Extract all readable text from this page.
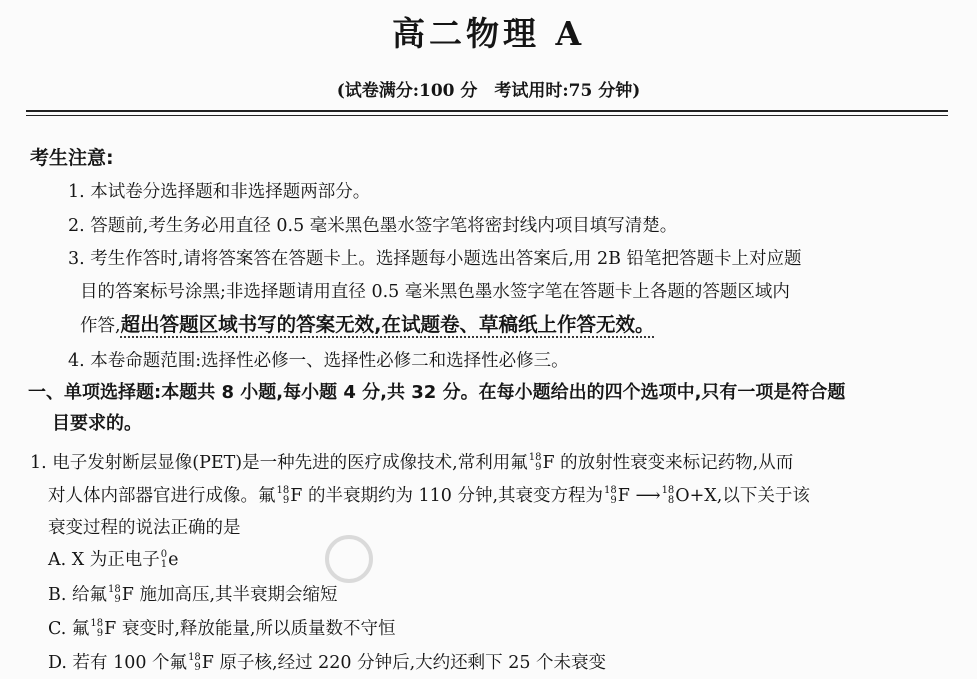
高二物理 A
(试卷满分:100 分　考试用时:75 分钟)
考生注意:
1. 本试卷分选择题和非选择题两部分。
2. 答题前,考生务必用直径 0.5 毫米黑色墨水签字笔将密封线内项目填写清楚。
3. 考生作答时,请将答案答在答题卡上。选择题每小题选出答案后,用 2B 铅笔把答题卡上对应题
目的答案标号涂黑;非选择题请用直径 0.5 毫米黑色墨水签字笔在答题卡上各题的答题区域内
作答,超出答题区域书写的答案无效,在试题卷、草稿纸上作答无效。
4. 本卷命题范围:选择性必修一、选择性必修二和选择性必修三。
一、单项选择题:本题共 8 小题,每小题 4 分,共 32 分。在每小题给出的四个选项中,只有一项是符合题
目要求的。
1. 电子发射断层显像(PET)是一种先进的医疗成像技术,常利用氟 18
9 F 的放射性衰变来标记药物,从而
对人体内部器官进行成像。氟 18
9 F 的半衰期约为 110 分钟,其衰变方程为 18
9 F ⟶ 18
8 O+X,以下关于该
衰变过程的说法正确的是
A. X 为正电子 0
1 e
B. 给氟 18
9 F 施加高压,其半衰期会缩短
C. 氟 18
9 F 衰变时,释放能量,所以质量数不守恒
D. 若有 100 个氟 18
9 F 原子核,经过 220 分钟后,大约还剩下 25 个未衰变
